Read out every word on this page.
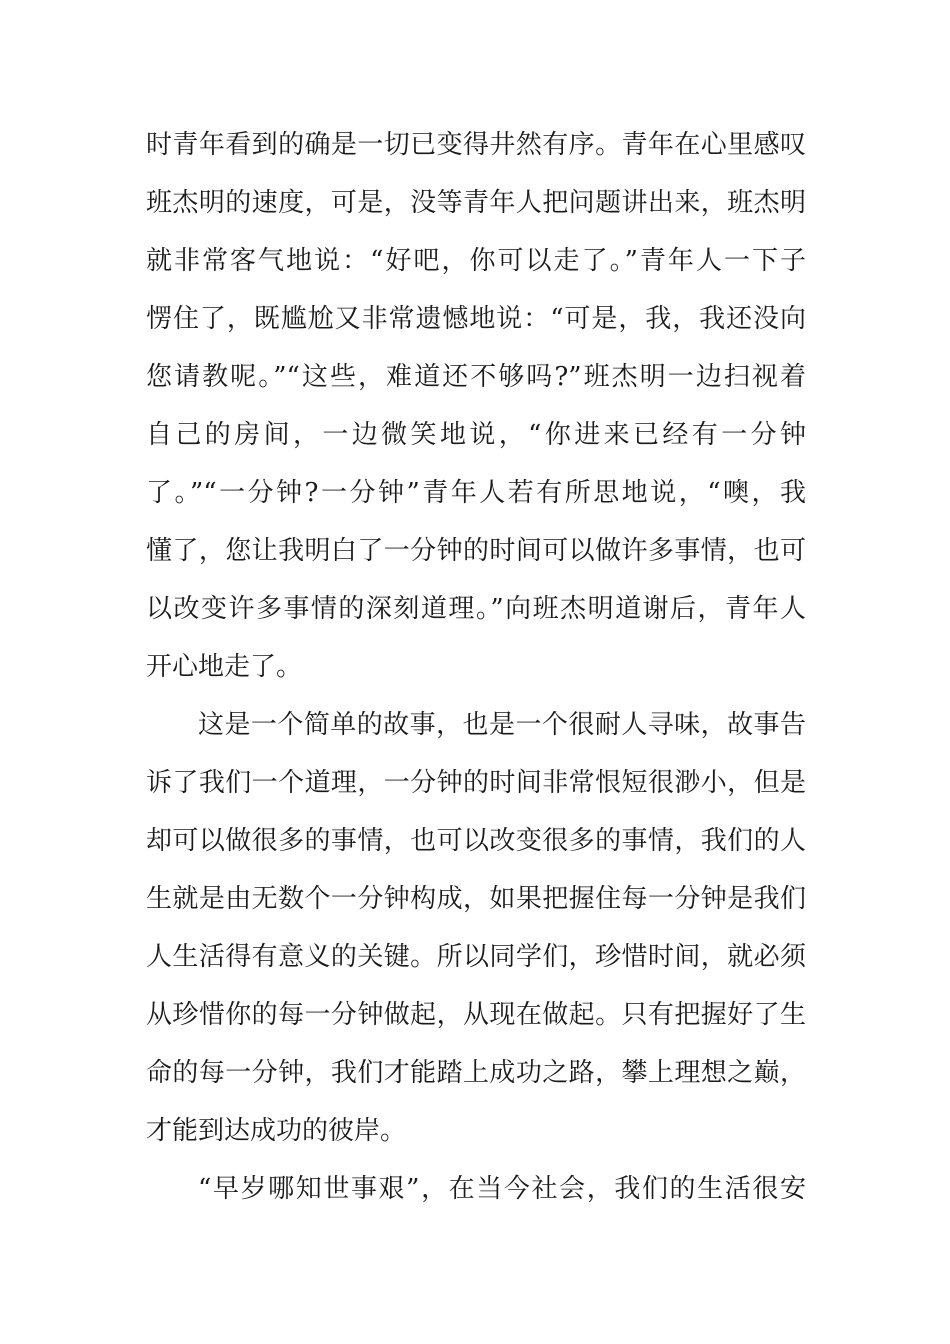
时青年看到的确是一切已变得井然有序。青年在心里感叹
班杰明的速度，可是，没等青年人把问题讲出来，班杰明
就非常客气地说：“好吧，你可以走了。”青年人一下子
愣住了，既尴尬又非常遗憾地说：“可是，我，我还没向
您请教呢。”“这些，难道还不够吗?”班杰明一边扫视着
自己的房间，一边微笑地说，“你进来已经有一分钟
了。”“一分钟?一分钟”青年人若有所思地说，“噢，我
懂了，您让我明白了一分钟的时间可以做许多事情，也可
以改变许多事情的深刻道理。”向班杰明道谢后，青年人
开心地走了。
这是一个简单的故事，也是一个很耐人寻味，故事告
诉了我们一个道理，一分钟的时间非常恨短很渺小，但是
却可以做很多的事情，也可以改变很多的事情，我们的人
生就是由无数个一分钟构成，如果把握住每一分钟是我们
人生活得有意义的关键。所以同学们，珍惜时间，就必须
从珍惜你的每一分钟做起，从现在做起。只有把握好了生
命的每一分钟，我们才能踏上成功之路，攀上理想之巅，
才能到达成功的彼岸。
“早岁哪知世事艰”，在当今社会，我们的生活很安
